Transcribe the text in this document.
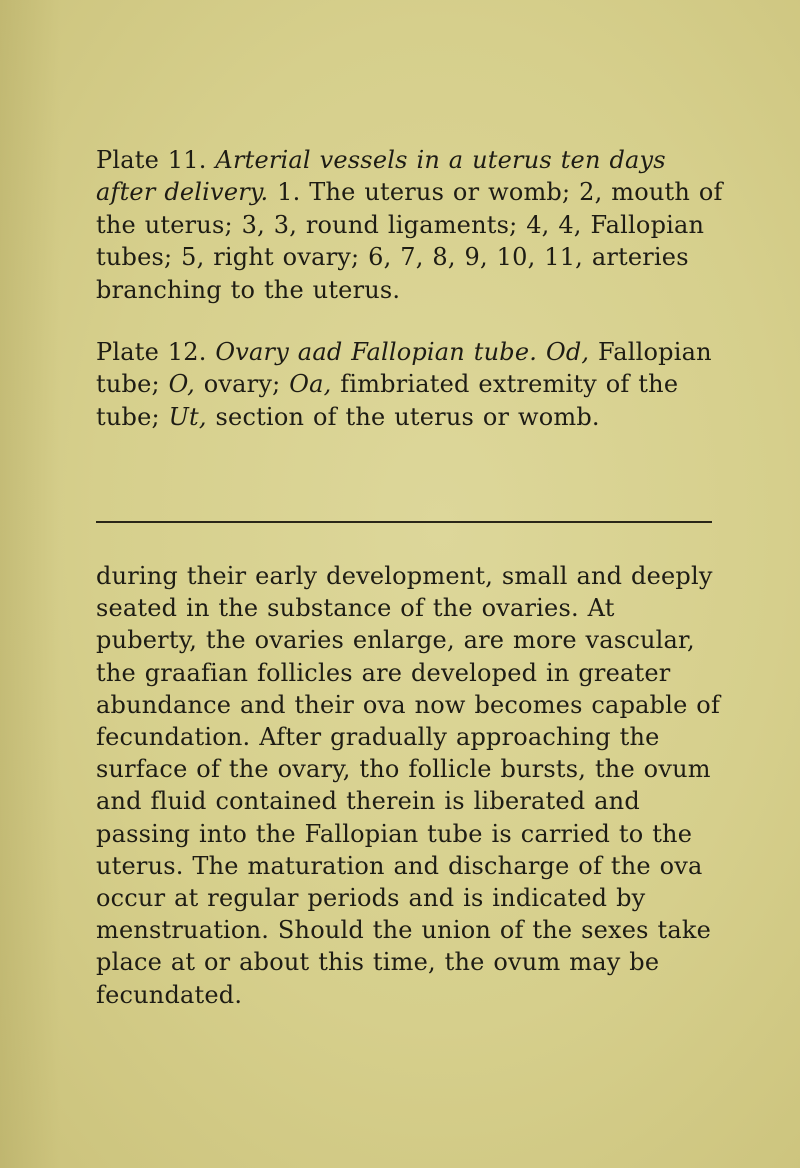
Plate 11. Arterial vessels in a uterus ten days after delivery. 1. The uterus or womb; 2, mouth of the uterus; 3, 3, round ligaments; 4, 4, Fallopian tubes; 5, right ovary; 6, 7, 8, 9, 10, 11, arteries branching to the uterus.

Plate 12. Ovary aad Fallopian tube. Od, Fallopian tube; O, ovary; Oa, fimbriated extremity of the tube; Ut, section of the uterus or womb.

during their early development, small and deeply seated in the substance of the ovaries. At puberty, the ovaries enlarge, are more vascular, the graafian follicles are developed in greater abundance and their ova now becomes capable of fecundation. After gradually approaching the surface of the ovary, tho follicle bursts, the ovum and fluid contained therein is liberated and passing into the Fallopian tube is carried to the uterus. The maturation and discharge of the ova occur at regular periods and is indicated by menstruation. Should the union of the sexes take place at or about this time, the ovum may be fecundated.
